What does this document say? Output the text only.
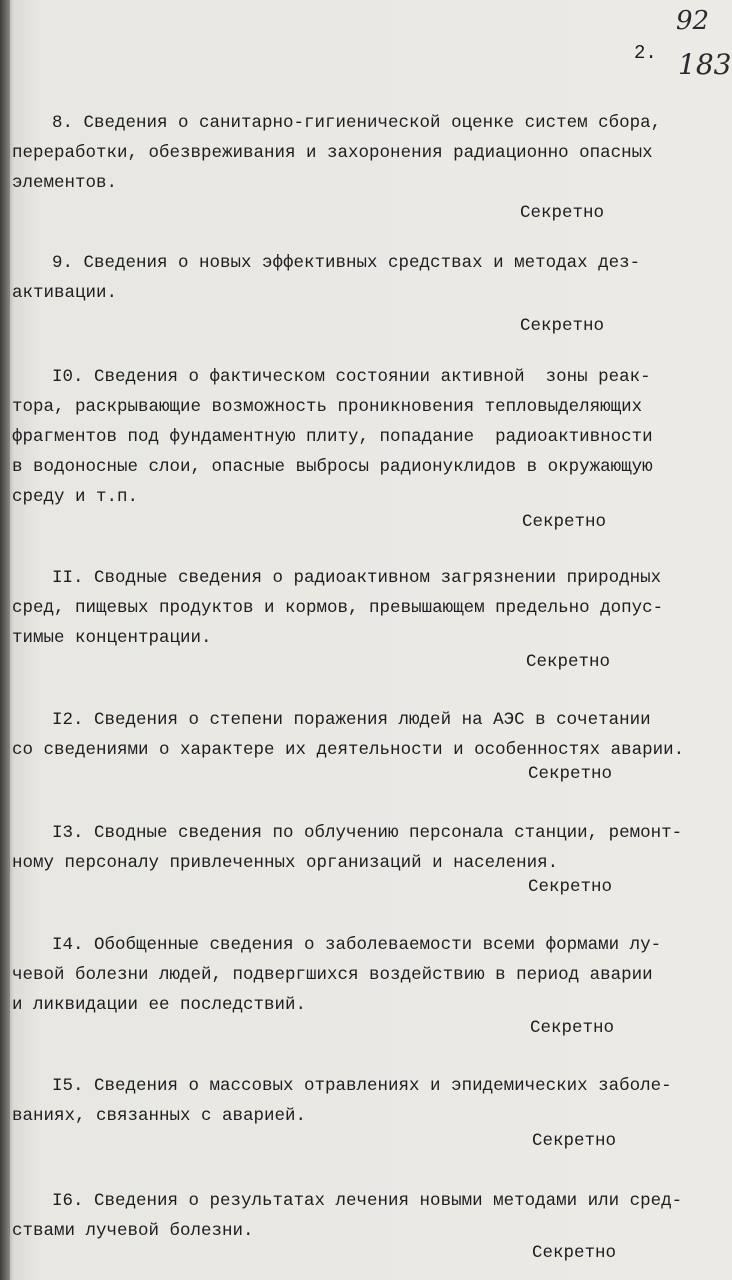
92
183
2.
8. Сведения о санитарно-гигиенической оценке систем сбора,
переработки, обезвреживания и захоронения радиационно опасных
элементов.
Секретно
9. Сведения о новых эффективных средствах и методах дез-
активации.
Секретно
I0. Сведения о фактическом состоянии активной  зоны реак-
тора, раскрывающие возможность проникновения тепловыделяющих
фрагментов под фундаментную плиту, попадание  радиоактивности
в водоносные слои, опасные выбросы радионуклидов в окружающую
среду и т.п.
Секретно
II. Сводные сведения о радиоактивном загрязнении природных
сред, пищевых продуктов и кормов, превышающем предельно допус-
тимые концентрации.
Секретно
I2. Сведения о степени поражения людей на АЭС в сочетании
со сведениями о характере их деятельности и особенностях аварии.
Секретно
I3. Сводные сведения по облучению персонала станции, ремонт-
ному персоналу привлеченных организаций и населения.
Секретно
I4. Обобщенные сведения о заболеваемости всеми формами лу-
чевой болезни людей, подвергшихся воздействию в период аварии
и ликвидации ее последствий.
Секретно
I5. Сведения о массовых отравлениях и эпидемических заболе-
ваниях, связанных с аварией.
Секретно
I6. Сведения о результатах лечения новыми методами или сред-
ствами лучевой болезни.
Секретно
